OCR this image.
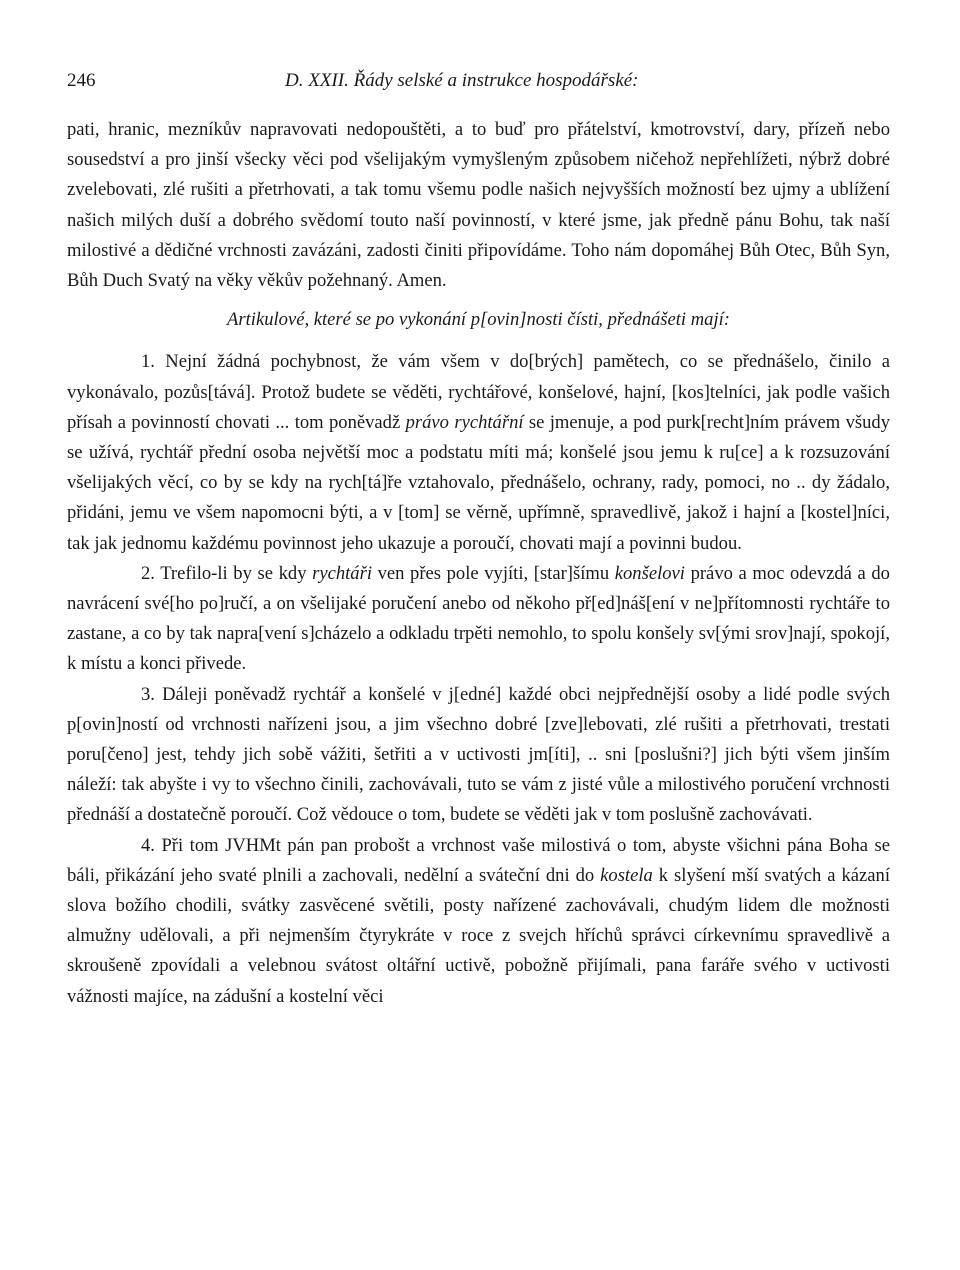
246	D. XXII. Řády selské a instrukce hospodářské:

pati, hranic, mezníkův napravovati nedopouštěti, a to buď pro přátelství, kmotrovství, dary, přízeň nebo sousedství a pro jinší všecky věci pod všelijakým vymyšleným způsobem ničehož nepřehlížeti, nýbrž dobré zvelebovati, zlé rušiti a přetrhovati, a tak tomu všemu podle našich nejvyšších možností bez ujmy a ublížení našich milých duší a dobrého svědomí touto naší povinností, v které jsme, jak předně pánu Bohu, tak naší milostivé a dědičné vrchnosti zavázáni, zadosti činiti připovídáme. Toho nám dopomáhej Bůh Otec, Bůh Syn, Bůh Duch Svatý na věky věkův požehnaný. Amen.

Artikulové, které se po vykonání p[ovin]nosti čísti, přednášeti mají:

1. Nejní žádná pochybnost, že vám všem v do[brých] pamětech, co se přednášelo, činilo a vykonávalo, pozůs[tává]. Protož budete se věděti, rychtářové, konšelové, hajní, [kos]telníci, jak podle vašich přísah a povinností chovati ... tom poněvadž právo rychtářní se jmenuje, a pod purk[recht]ním právem všudy se užívá, rychtář přední osoba největší moc a podstatu míti má; konšelé jsou jemu k ru[ce] a k rozsuzování všelijakých věcí, co by se kdy na rych[tá]ře vztahovalo, přednášelo, ochrany, rady, pomoci, no .. dy žádalo, přidáni, jemu ve všem napomocni býti, a v [tom] se věrně, upřímně, spravedlivě, jakož i hajní a [kostel]níci, tak jak jednomu každému povinnost jeho ukazuje a poroučí, chovati mají a povinni budou.

2. Trefilo-li by se kdy rychtáři ven přes pole vyjíti, [star]šímu konšelovi právo a moc odevzdá a do navrácení své[ho po]ručí, a on všelijaké poručení anebo od někoho př[ed]náš[ení v ne]přítomnosti rychtáře to zastane, a co by tak napra[vení s]cházelo a odkladu trpěti nemohlo, to spolu konšely sv[ými srov]nají, spokojí, k místu a konci přivede.

3. Dáleji poněvadž rychtář a konšelé v j[edné] každé obci nejpřednější osoby a lidé podle svých p[ovin]ností od vrchnosti nařízeni jsou, a jim všechno dobré [zve]lebovati, zlé rušiti a přetrhovati, trestati poru[čeno] jest, tehdy jich sobě vážiti, šetřiti a v uctivosti jm[íti], .. sni [poslušni?] jich býti všem jinším náleží: tak abyšte i vy to všechno činili, zachovávali, tuto se vám z jisté vůle a milostivého poručení vrchnosti přednáší a dostatečně poroučí. Což vědouce o tom, budete se věděti jak v tom poslušně zachovávati.

4. Při tom JVHMt pán pan probošt a vrchnost vaše milostivá o tom, abyste všichni pána Boha se báli, přikázání jeho svaté plnili a zachovali, nedělní a sváteční dni do kostela k slyšení mší svatých a kázaní slova božího chodili, svátky zasvěcené světili, posty nařízené zachovávali, chudým lidem dle možnosti almužny udělovali, a při nejmenším čtyrykráte v roce z svejch hříchů správci církevnímu spravedlivě a skroušeně zpovídali a velebnou svátost oltářní uctivě, pobožně přijímali, pana faráře svého v uctivosti vážnosti majíce, na zádušní a kostelní věci
